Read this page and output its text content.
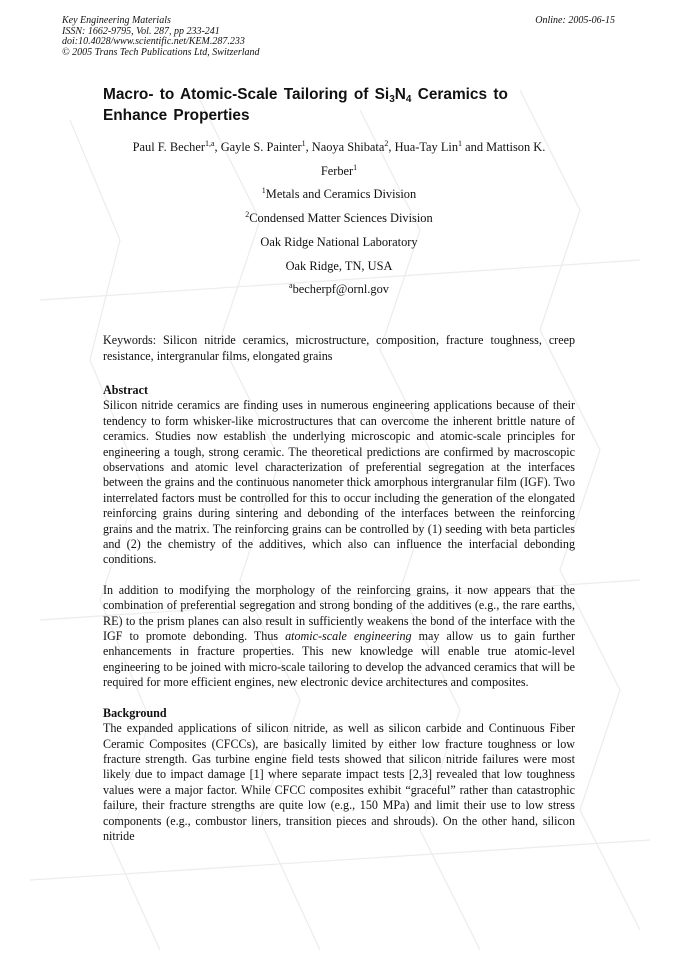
Key Engineering Materials
ISSN: 1662-9795, Vol. 287, pp 233-241
doi:10.4028/www.scientific.net/KEM.287.233
© 2005 Trans Tech Publications Ltd, Switzerland
Online: 2005-06-15
Macro- to Atomic-Scale Tailoring of $Si_3N_4$ Ceramics to
Enhance Properties

Paul F. Becher$^{1,a}$, Gayle S. Painter$^1$, Naoya Shibata$^2$, Hua-Tay Lin$^1$ and Mattison K.
Ferber$^1$

$^1$Metals and Ceramics Division

$^2$Condensed Matter Sciences Division

Oak Ridge National Laboratory

Oak Ridge, TN, USA

$^a$becherpf@ornl.gov

Keywords: Silicon nitride ceramics, microstructure, composition, fracture toughness, creep resistance, intergranular films, elongated grains

Abstract

Silicon nitride ceramics are finding uses in numerous engineering applications because of their tendency to form whisker-like microstructures that can overcome the inherent brittle nature of ceramics. Studies now establish the underlying microscopic and atomic-scale principles for engineering a tough, strong ceramic. The theoretical predictions are confirmed by macroscopic observations and atomic level characterization of preferential segregation at the interfaces between the grains and the continuous nanometer thick amorphous intergranular film (IGF). Two interrelated factors must be controlled for this to occur including the generation of the elongated reinforcing grains during sintering and debonding of the interfaces between the reinforcing grains and the matrix. The reinforcing grains can be controlled by (1) seeding with beta particles and (2) the chemistry of the additives, which also can influence the interfacial debonding conditions.

In addition to modifying the morphology of the reinforcing grains, it now appears that the combination of preferential segregation and strong bonding of the additives (e.g., the rare earths, RE) to the prism planes can also result in sufficiently weakens the bond of the interface with the IGF to promote debonding. Thus atomic-scale engineering may allow us to gain further enhancements in fracture properties. This new knowledge will enable true atomic-level engineering to be joined with micro-scale tailoring to develop the advanced ceramics that will be required for more efficient engines, new electronic device architectures and composites.

Background

The expanded applications of silicon nitride, as well as silicon carbide and Continuous Fiber Ceramic Composites (CFCCs), are basically limited by either low fracture toughness or low fracture strength. Gas turbine engine field tests showed that silicon nitride failures were most likely due to impact damage [1] where separate impact tests [2,3] revealed that low toughness values were a major factor. While CFCC composites exhibit “graceful” rather than catastrophic failure, their fracture strengths are quite low (e.g., 150 MPa) and limit their use to low stress components (e.g., combustor liners, transition pieces and shrouds). On the other hand, silicon nitride
